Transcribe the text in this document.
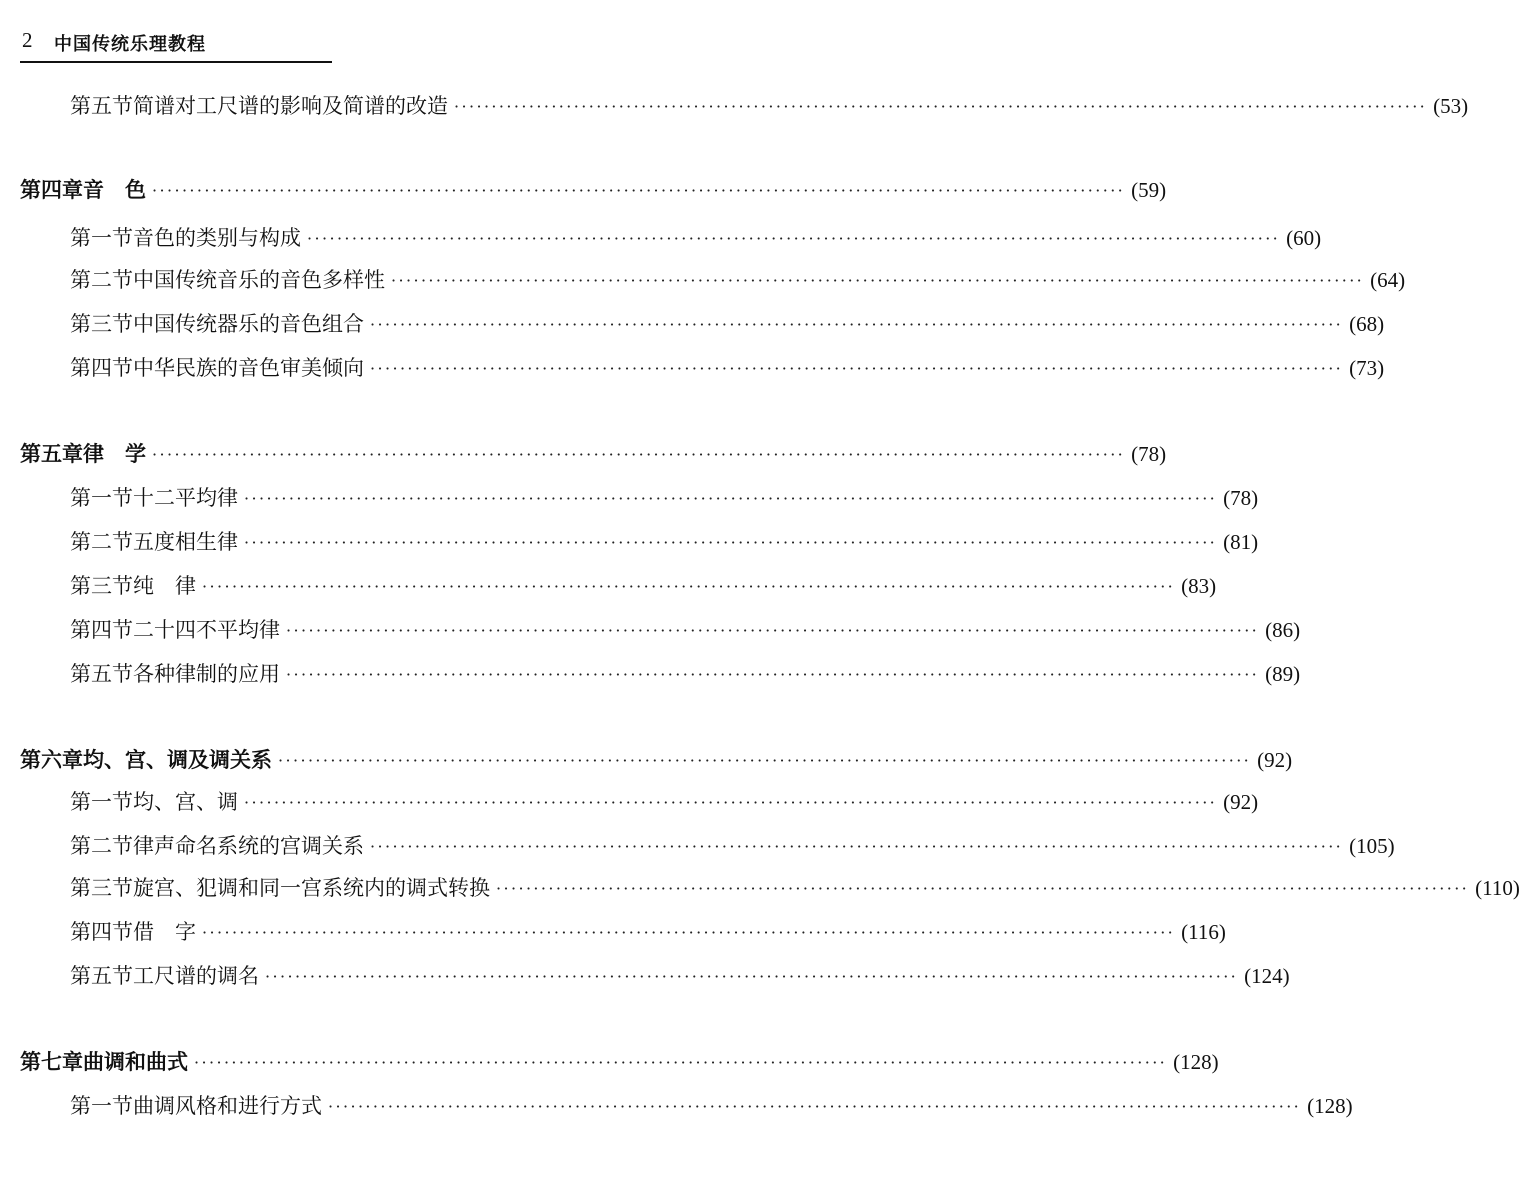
2 中国传统乐理教程
第五节 简谱对工尺谱的影响及简谱的改造 ·····	(53)
第四章 音　色 ·····	(59)
第一节 音色的类别与构成 ·····	(60)
第二节 中国传统音乐的音色多样性 ·····	(64)
第三节 中国传统器乐的音色组合 ·····	(68)
第四节 中华民族的音色审美倾向 ·····	(73)
第五章 律　学 ·····	(78)
第一节 十二平均律 ·····	(78)
第二节 五度相生律 ·····	(81)
第三节 纯　律 ·····	(83)
第四节 二十四不平均律 ·····	(86)
第五节 各种律制的应用 ·····	(89)
第六章 均、宫、调及调关系 ·····	(92)
第一节 均、宫、调 ·····	(92)
第二节 律声命名系统的宫调关系 ·····	(105)
第三节 旋宫、犯调和同一宫系统内的调式转换 ·····	(110)
第四节 借　字 ·····	(116)
第五节 工尺谱的调名 ·····	(124)
第七章 曲调和曲式 ·····	(128)
第一节 曲调风格和进行方式 ·····	(128)
